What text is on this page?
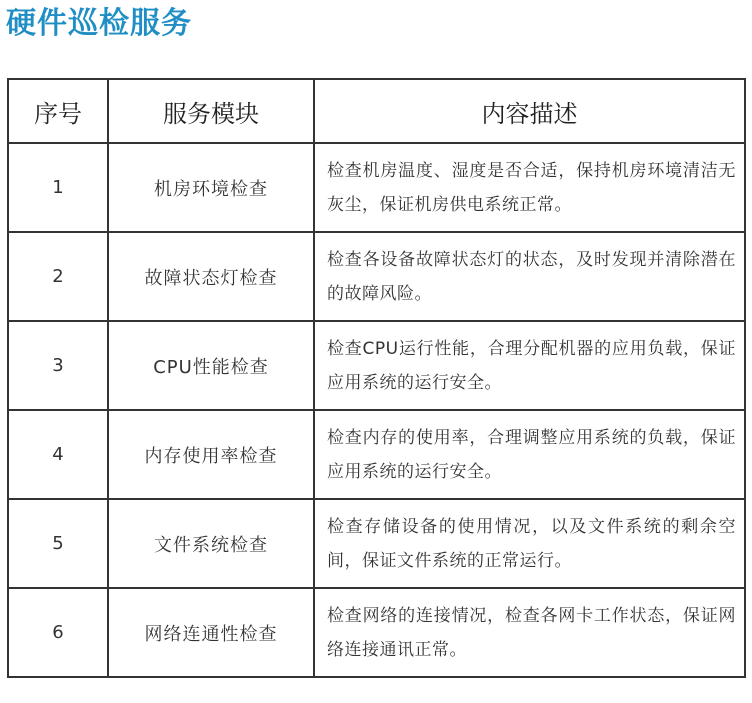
硬件巡检服务
序号	服务模块	内容描述
1	机房环境检查	检查机房温度、湿度是否合适，保持机房环境清洁无灰尘，保证机房供电系统正常。
2	故障状态灯检查	检查各设备故障状态灯的状态，及时发现并清除潜在的故障风险。
3	CPU性能检查	检查CPU运行性能，合理分配机器的应用负载，保证应用系统的运行安全。
4	内存使用率检查	检查内存的使用率，合理调整应用系统的负载，保证应用系统的运行安全。
5	文件系统检查	检查存储设备的使用情况，以及文件系统的剩余空间，保证文件系统的正常运行。
6	网络连通性检查	检查网络的连接情况，检查各网卡工作状态，保证网络连接通讯正常。
